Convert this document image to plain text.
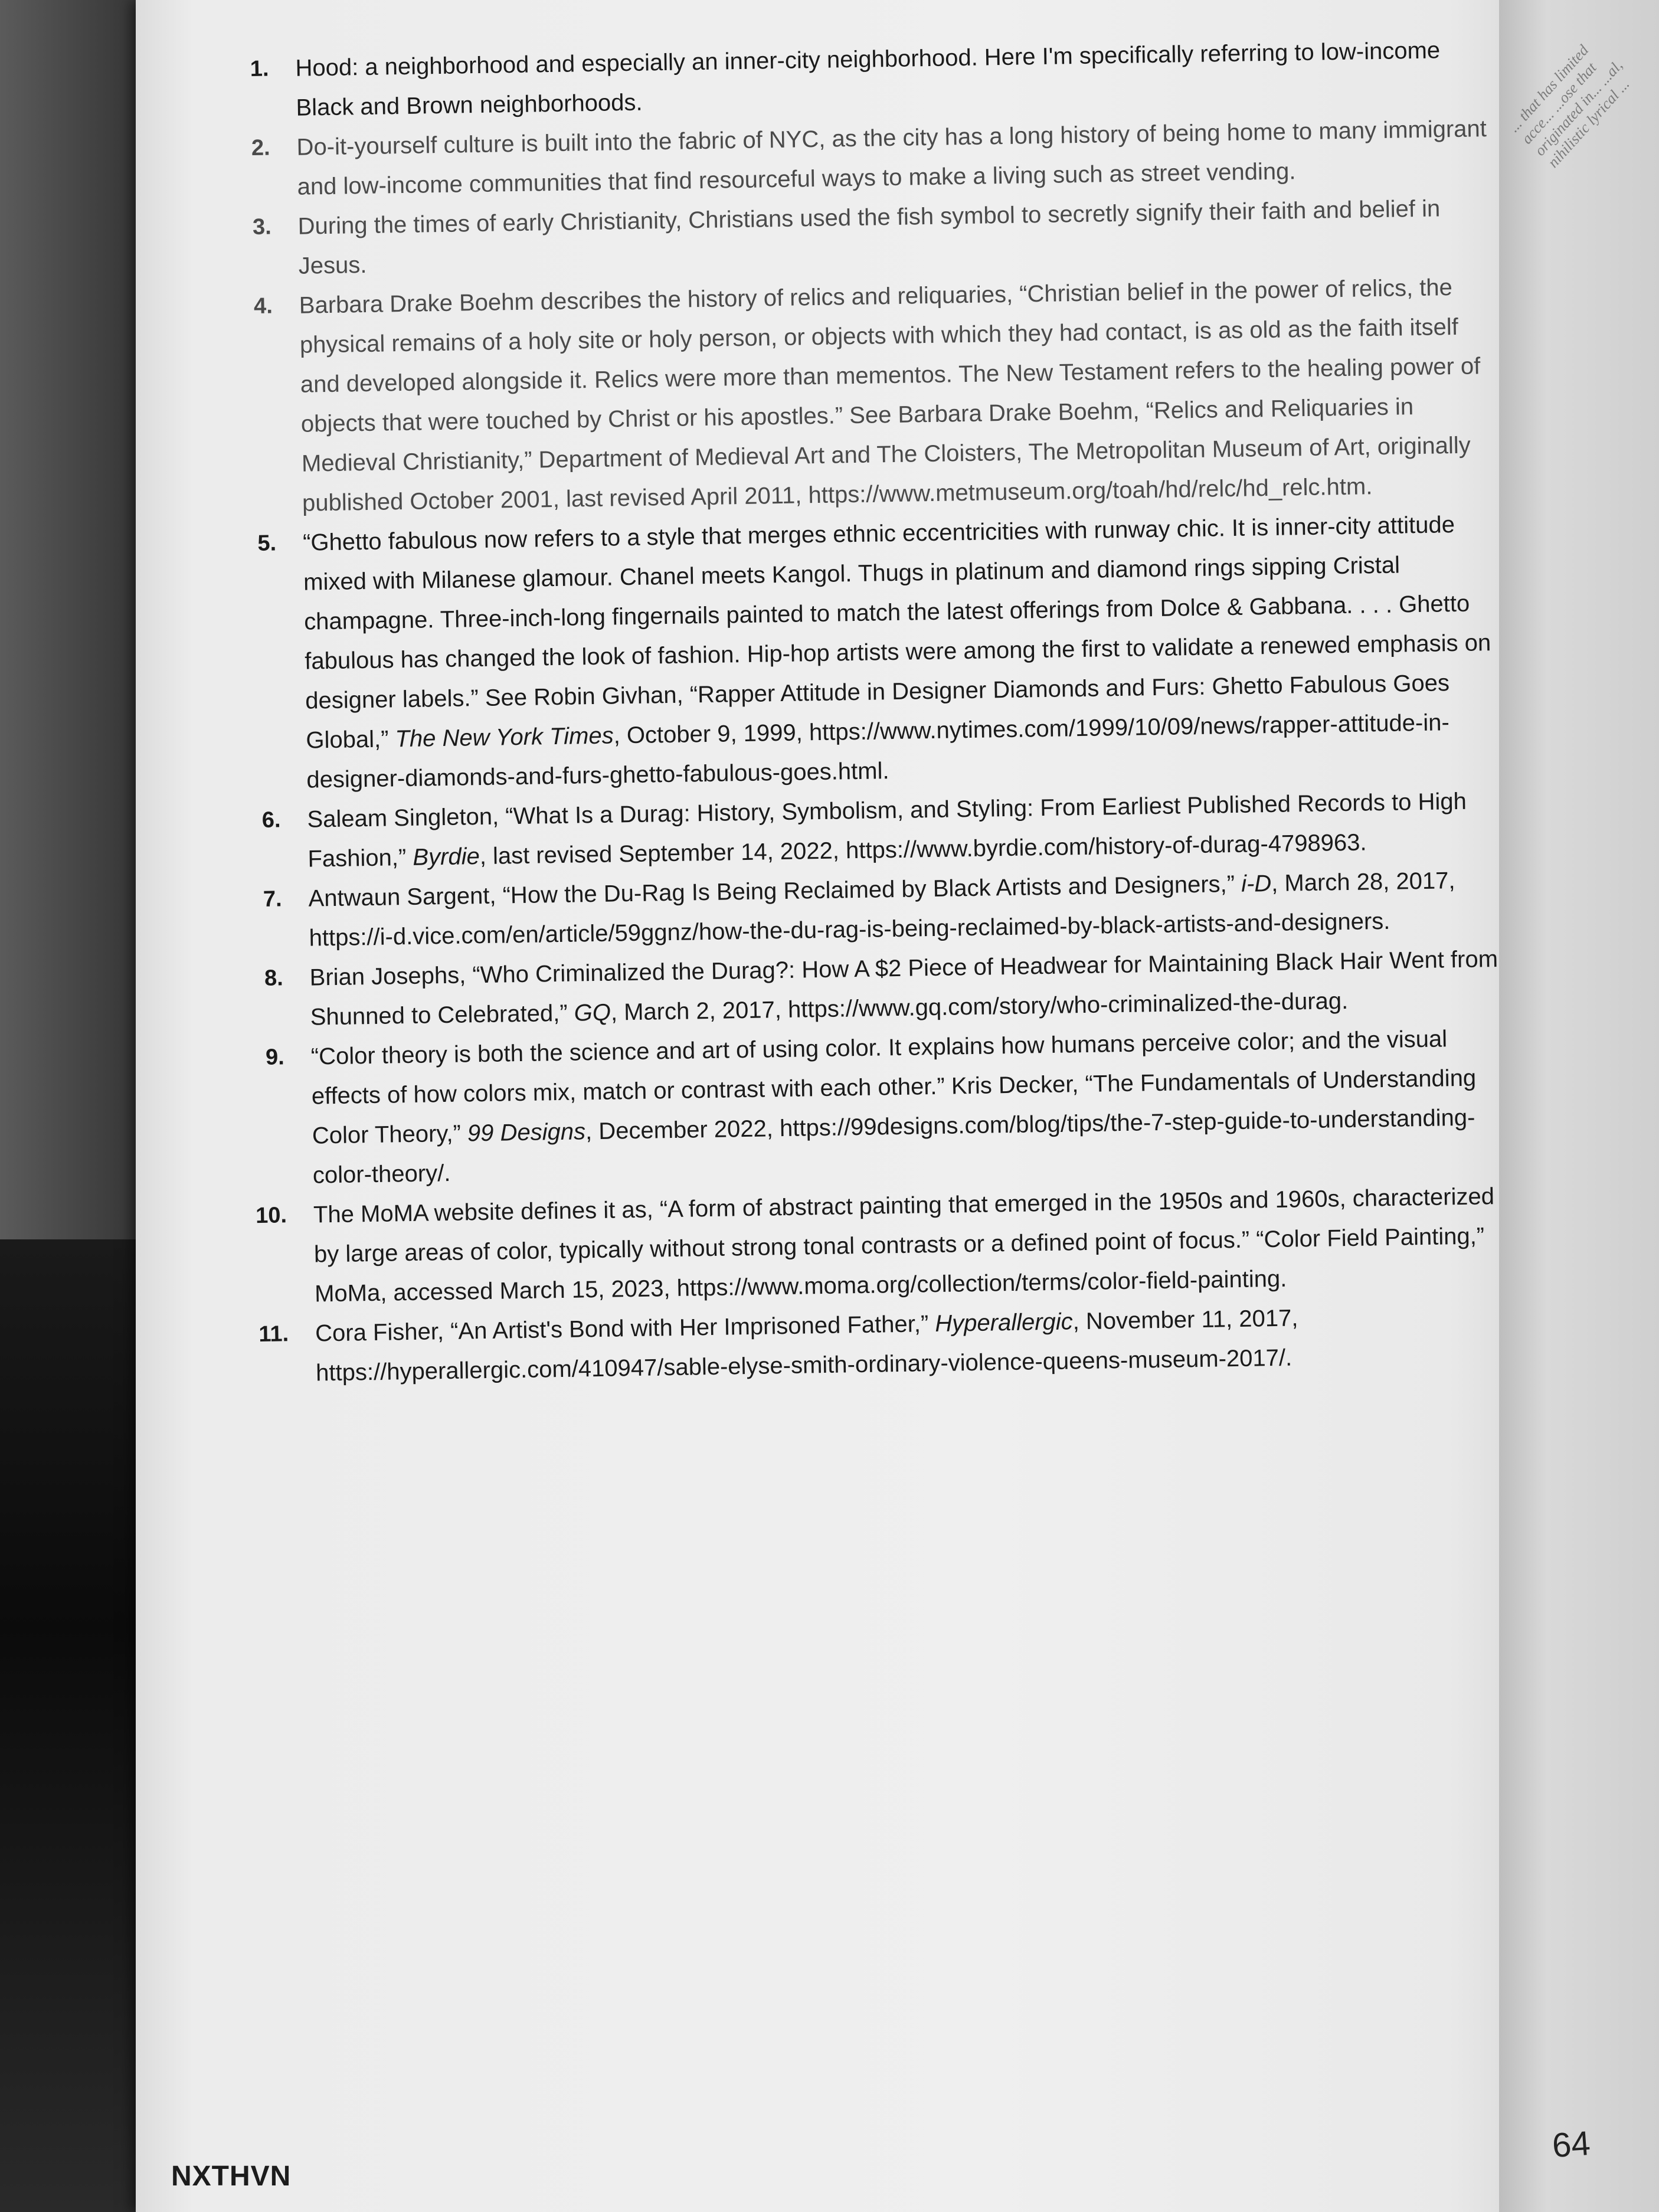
... that has limited acce... ...ose that originated in... ...al, nihilistic lyrical ...
1.	Hood: a neighborhood and especially an inner-city neighborhood. Here I'm specifically referring to low-income Black and Brown neighborhoods.
2.	Do-it-yourself culture is built into the fabric of NYC, as the city has a long history of being home to many immigrant and low-income communities that find resourceful ways to make a living such as street vending.
3.	During the times of early Christianity, Christians used the fish symbol to secretly signify their faith and belief in Jesus.
4.	Barbara Drake Boehm describes the history of relics and reliquaries, “Christian belief in the power of relics, the physical remains of a holy site or holy person, or objects with which they had contact, is as old as the faith itself and developed alongside it. Relics were more than mementos. The New Testament refers to the healing power of objects that were touched by Christ or his apostles.” See Barbara Drake Boehm, “Relics and Reliquaries in Medieval Christianity,” Department of Medieval Art and The Cloisters, The Metropolitan Museum of Art, originally published October 2001, last revised April 2011, https://www.metmuseum.org/toah/hd/relc/hd_relc.htm.
5.	“Ghetto fabulous now refers to a style that merges ethnic eccentricities with runway chic. It is inner-city attitude mixed with Milanese glamour. Chanel meets Kangol. Thugs in platinum and diamond rings sipping Cristal champagne. Three-inch-long fingernails painted to match the latest offerings from Dolce & Gabbana. . . . Ghetto fabulous has changed the look of fashion. Hip-hop artists were among the first to validate a renewed emphasis on designer labels.” See Robin Givhan, “Rapper Attitude in Designer Diamonds and Furs: Ghetto Fabulous Goes Global,” The New York Times, October 9, 1999, https://www.nytimes.com/1999/10/09/news/rapper-attitude-in-designer-diamonds-and-furs-ghetto-fabulous-goes.html.
6.	Saleam Singleton, “What Is a Durag: History, Symbolism, and Styling: From Earliest Published Records to High Fashion,” Byrdie, last revised September 14, 2022, https://www.byrdie.com/history-of-durag-4798963.
7.	Antwaun Sargent, “How the Du-Rag Is Being Reclaimed by Black Artists and Designers,” i-D, March 28, 2017, https://i-d.vice.com/en/article/59ggnz/how-the-du-rag-is-being-reclaimed-by-black-artists-and-designers.
8.	Brian Josephs, “Who Criminalized the Durag?: How A $2 Piece of Headwear for Maintaining Black Hair Went from Shunned to Celebrated,” GQ, March 2, 2017, https://www.gq.com/story/who-criminalized-the-durag.
9.	“Color theory is both the science and art of using color. It explains how humans perceive color; and the visual effects of how colors mix, match or contrast with each other.” Kris Decker, “The Fundamentals of Understanding Color Theory,” 99 Designs, December 2022, https://99designs.com/blog/tips/the-7-step-guide-to-understanding-color-theory/.
10.	The MoMA website defines it as, “A form of abstract painting that emerged in the 1950s and 1960s, characterized by large areas of color, typically without strong tonal contrasts or a defined point of focus.” “Color Field Painting,” MoMa, accessed March 15, 2023, https://www.moma.org/collection/terms/color-field-painting.
11.	Cora Fisher, “An Artist's Bond with Her Imprisoned Father,” Hyperallergic, November 11, 2017, https://hyperallergic.com/410947/sable-elyse-smith-ordinary-violence-queens-museum-2017/.
NXTHVN
64
